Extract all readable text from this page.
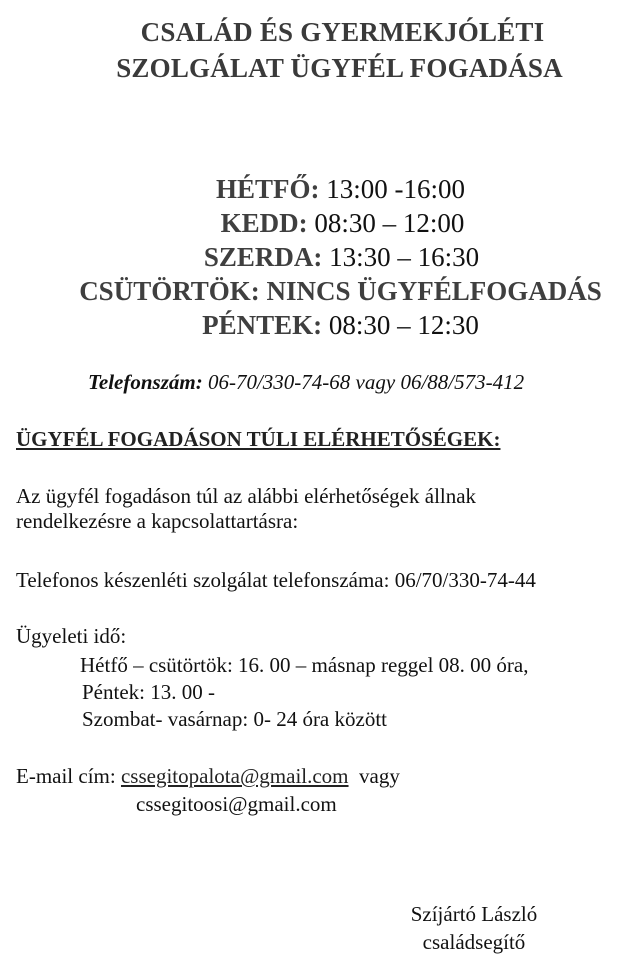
CSALÁD ÉS GYERMEKJÓLÉTI
SZOLGÁLAT ÜGYFÉL FOGADÁSA
HÉTFŐ: 13:00 -16:00
KEDD: 08:30 – 12:00
SZERDA: 13:30 – 16:30
CSÜTÖRTÖK: NINCS ÜGYFÉLFOGADÁS
PÉNTEK: 08:30 – 12:30
Telefonszám: 06-70/330-74-68 vagy 06/88/573-412
ÜGYFÉL FOGADÁSON TÚLI ELÉRHETŐSÉGEK:
Az ügyfél fogadáson túl az alábbi elérhetőségek állnak
rendelkezésre a kapcsolattartásra:
Telefonos készenléti szolgálat telefonszáma: 06/70/330-74-44
Ügyeleti idő:
Hétfő – csütörtök: 16. 00 – másnap reggel 08. 00 óra,
Péntek: 13. 00 -
Szombat- vasárnap: 0- 24 óra között
E-mail cím: cssegitopalota@gmail.com vagy
cssegitoosi@gmail.com
Szíjártó László
családsegítő
